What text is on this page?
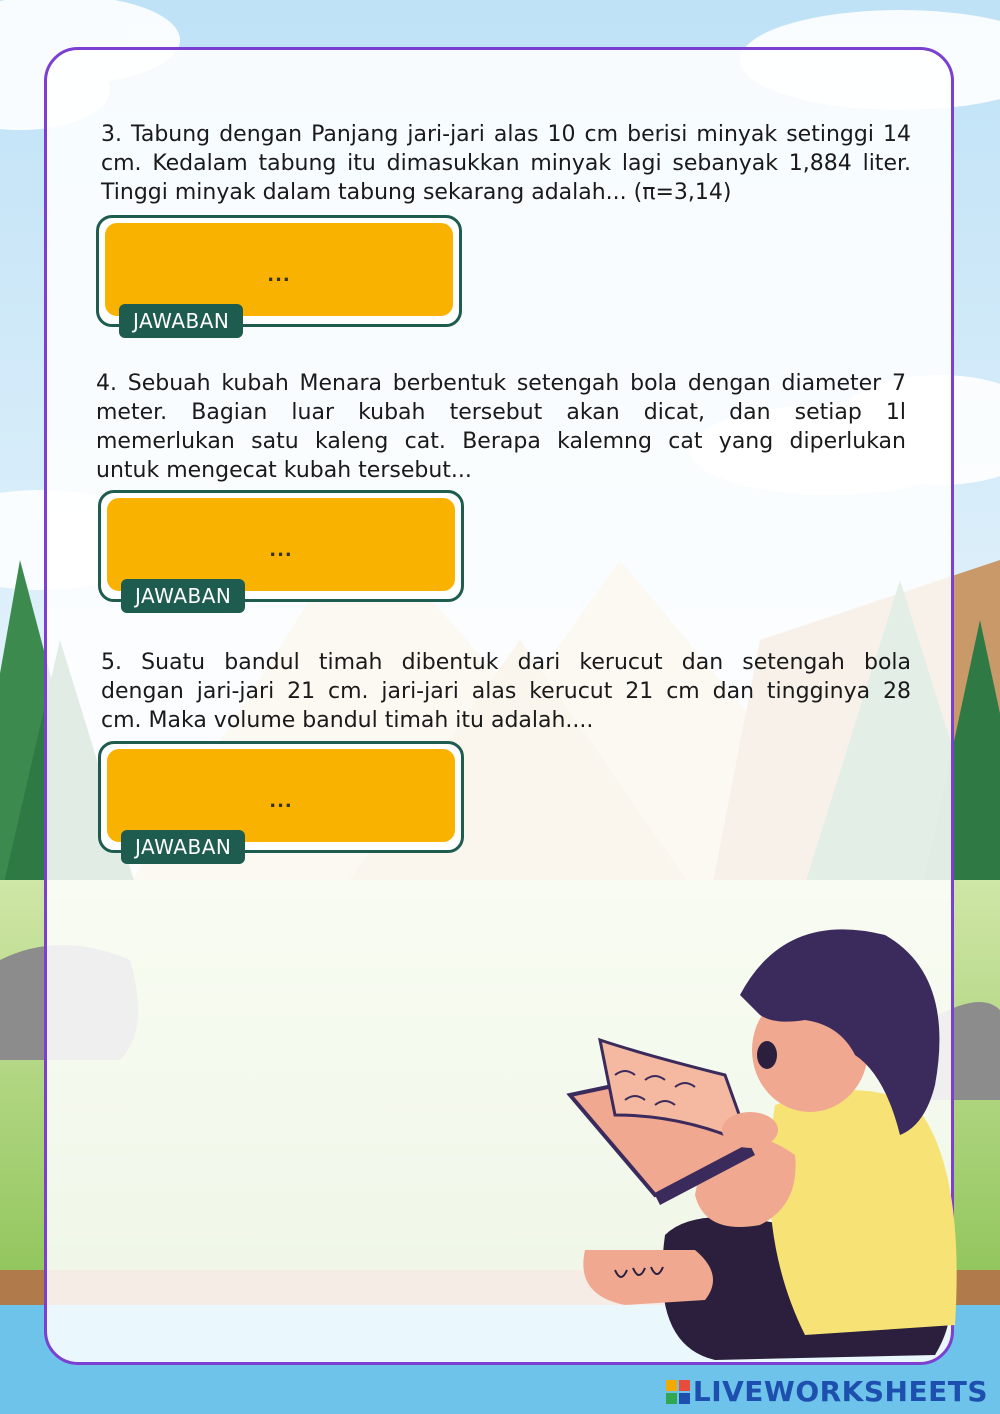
3. Tabung dengan Panjang jari-jari alas 10 cm berisi minyak setinggi 14
cm. Kedalam tabung itu dimasukkan minyak lagi sebanyak 1,884 liter.
Tinggi minyak dalam tabung sekarang adalah... (π=3,14)

...
JAWABAN

4. Sebuah kubah Menara berbentuk setengah bola dengan diameter 7
meter. Bagian luar kubah tersebut akan dicat, dan setiap 1l
memerlukan satu kaleng cat. Berapa kalemng cat yang diperlukan
untuk mengecat kubah tersebut...

...
JAWABAN

5. Suatu bandul timah dibentuk dari kerucut dan setengah bola
dengan jari-jari 21 cm. jari-jari alas kerucut 21 cm dan tingginya 28
cm. Maka volume bandul timah itu adalah....

...
JAWABAN
LIVEWORKSHEETS
